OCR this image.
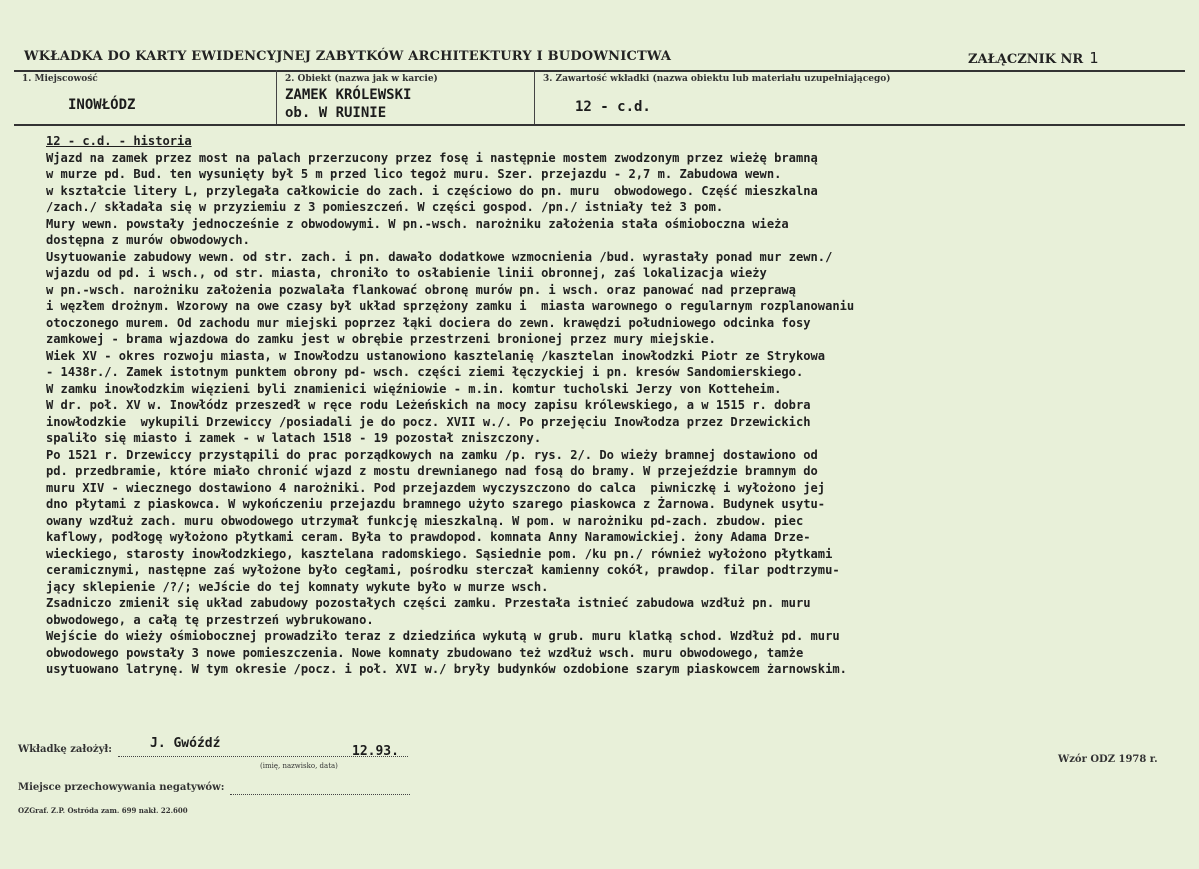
WKŁADKA DO KARTY EWIDENCYJNEJ ZABYTKÓW ARCHITEKTURY I BUDOWNICTWA	ZAŁĄCZNIK NR 1
1. Miejscowość
INOWŁÓDZ
2. Obiekt (nazwa jak w karcie)
ZAMEK KRÓLEWSKI
ob. W RUINIE
3. Zawartość wkładki (nazwa obiektu lub materiału uzupełniającego)
12 - c.d.
12 - c.d. - historia
Wjazd na zamek przez most na palach przerzucony przez fosę i następnie mostem zwodzonym przez wieżę bramną
w murze pd. Bud. ten wysunięty był 5 m przed lico tegoż muru. Szer. przejazdu - 2,7 m. Zabudowa wewn.
w kształcie litery L, przylegała całkowicie do zach. i częściowo do pn. muru  obwodowego. Część mieszkalna
/zach./ składała się w przyziemiu z 3 pomieszczeń. W części gospod. /pn./ istniały też 3 pom.
Mury wewn. powstały jednocześnie z obwodowymi. W pn.-wsch. narożniku założenia stała ośmioboczna wieża
dostępna z murów obwodowych.
Usytuowanie zabudowy wewn. od str. zach. i pn. dawało dodatkowe wzmocnienia /bud. wyrastały ponad mur zewn./
wjazdu od pd. i wsch., od str. miasta, chroniło to osłabienie linii obronnej, zaś lokalizacja wieży
w pn.-wsch. narożniku założenia pozwalała flankować obronę murów pn. i wsch. oraz panować nad przeprawą
i węzłem drożnym. Wzorowy na owe czasy był układ sprzężony zamku i  miasta warownego o regularnym rozplanowaniu
otoczonego murem. Od zachodu mur miejski poprzez łąki dociera do zewn. krawędzi południowego odcinka fosy
zamkowej - brama wjazdowa do zamku jest w obrębie przestrzeni bronionej przez mury miejskie.
Wiek XV - okres rozwoju miasta, w Inowłodzu ustanowiono kasztelanię /kasztelan inowłodzki Piotr ze Strykowa
- 1438r./. Zamek istotnym punktem obrony pd- wsch. części ziemi łęczyckiej i pn. kresów Sandomierskiego.
W zamku inowłodzkim więzieni byli znamienici więźniowie - m.in. komtur tucholski Jerzy von Kotteheim.
W dr. poł. XV w. Inowłódz przeszedł w ręce rodu Leżeńskich na mocy zapisu królewskiego, a w 1515 r. dobra
inowłodzkie  wykupili Drzewiccy /posiadali je do pocz. XVII w./. Po przejęciu Inowłodza przez Drzewickich
spaliło się miasto i zamek - w latach 1518 - 19 pozostał zniszczony.
Po 1521 r. Drzewiccy przystąpili do prac porządkowych na zamku /p. rys. 2/. Do wieży bramnej dostawiono od
pd. przedbramie, które miało chronić wjazd z mostu drewnianego nad fosą do bramy. W przejeździe bramnym do
muru XIV - wiecznego dostawiono 4 narożniki. Pod przejazdem wyczyszczono do calca  piwniczkę i wyłożono jej
dno płytami z piaskowca. W wykończeniu przejazdu bramnego użyto szarego piaskowca z Żarnowa. Budynek usytu-
owany wzdłuż zach. muru obwodowego utrzymał funkcję mieszkalną. W pom. w narożniku pd-zach. zbudow. piec
kaflowy, podłogę wyłożono płytkami ceram. Była to prawdopod. komnata Anny Naramowickiej. żony Adama Drze-
wieckiego, starosty inowłodzkiego, kasztelana radomskiego. Sąsiednie pom. /ku pn./ również wyłożono płytkami
ceramicznymi, następne zaś wyłożone było cegłami, pośrodku sterczał kamienny cokół, prawdop. filar podtrzymu-
jący sklepienie /?/; weJście do tej komnaty wykute było w murze wsch.
Zsadniczo zmienił się układ zabudowy pozostałych części zamku. Przestała istnieć zabudowa wzdłuż pn. muru
obwodowego, a całą tę przestrzeń wybrukowano.
Wejście do wieży ośmiobocznej prowadziło teraz z dziedzińca wykutą w grub. muru klatką schod. Wzdłuż pd. muru
obwodowego powstały 3 nowe pomieszczenia. Nowe komnaty zbudowano też wzdłuż wsch. muru obwodowego, tamże
usytuowano latrynę. W tym okresie /pocz. i poł. XVI w./ bryły budynków ozdobione szarym piaskowcem żarnowskim.
Wkładkę założył:	J. Gwóźdź
12.93.
(imię, nazwisko, data)
Wzór ODZ 1978 r.
Miejsce przechowywania negatywów:
OZGraf. Z.P. Ostróda zam. 699 nakł. 22.600
